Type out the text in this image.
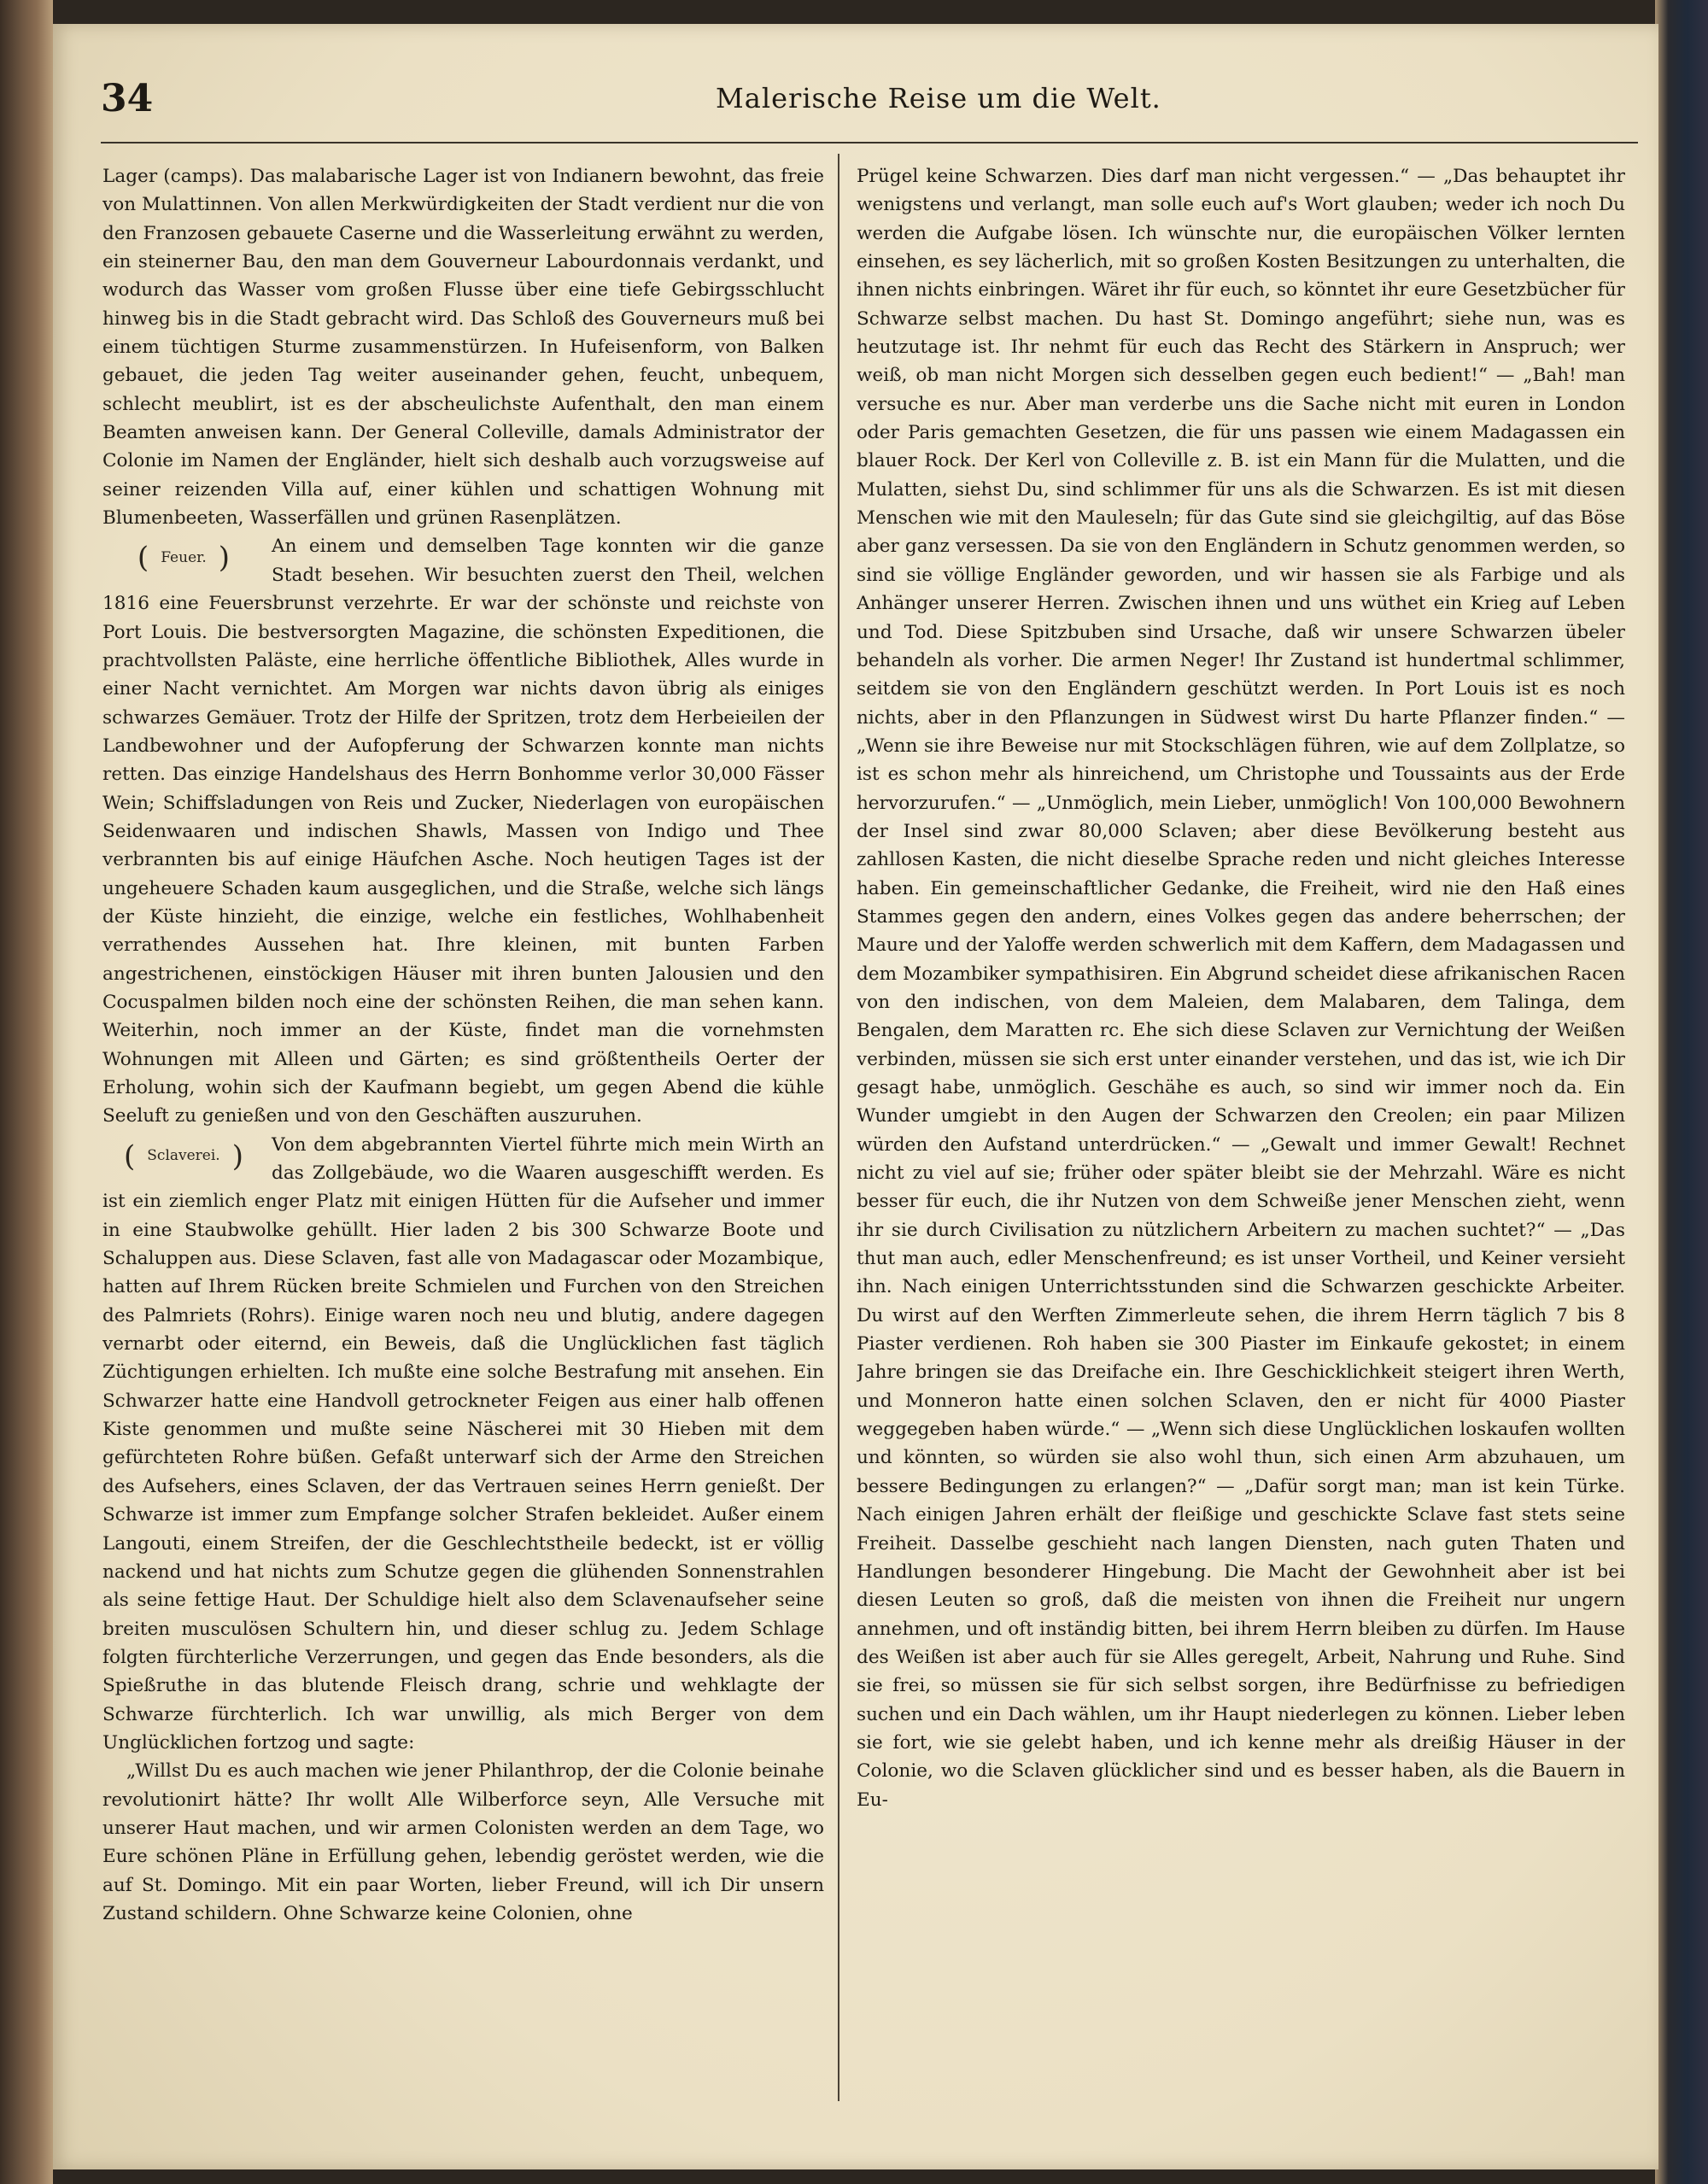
34	Malerische Reise um die Welt.

Lager (camps). Das malabarische Lager ist von Indianern bewohnt, das freie von Mulattinnen. Von allen Merkwürdigkeiten der Stadt verdient nur die von den Franzosen gebauete Caserne und die Wasserleitung erwähnt zu werden, ein steinerner Bau, den man dem Gouverneur Labourdonnais verdankt, und wodurch das Wasser vom großen Flusse über eine tiefe Gebirgsschlucht hinweg bis in die Stadt gebracht wird. Das Schloß des Gouverneurs muß bei einem tüchtigen Sturme zusammenstürzen. In Hufeisenform, von Balken gebauet, die jeden Tag weiter auseinander gehen, feucht, unbequem, schlecht meublirt, ist es der abscheulichste Aufenthalt, den man einem Beamten anweisen kann. Der General Colleville, damals Administrator der Colonie im Namen der Engländer, hielt sich deshalb auch vorzugsweise auf seiner reizenden Villa auf, einer kühlen und schattigen Wohnung mit Blumenbeeten, Wasserfällen und grünen Rasenplätzen.

( Feuer. )	An einem und demselben Tage konnten wir die ganze Stadt besehen. Wir besuchten zuerst den Theil, welchen 1816 eine Feuersbrunst verzehrte. Er war der schönste und reichste von Port Louis. Die bestversorgten Magazine, die schönsten Expeditionen, die prachtvollsten Paläste, eine herrliche öffentliche Bibliothek, Alles wurde in einer Nacht vernichtet. Am Morgen war nichts davon übrig als einiges schwarzes Gemäuer. Trotz der Hilfe der Spritzen, trotz dem Herbeieilen der Landbewohner und der Aufopferung der Schwarzen konnte man nichts retten. Das einzige Handelshaus des Herrn Bonhomme verlor 30,000 Fässer Wein; Schiffsladungen von Reis und Zucker, Niederlagen von europäischen Seidenwaaren und indischen Shawls, Massen von Indigo und Thee verbrannten bis auf einige Häufchen Asche. Noch heutigen Tages ist der ungeheuere Schaden kaum ausgeglichen, und die Straße, welche sich längs der Küste hinzieht, die einzige, welche ein festliches, Wohlhabenheit verrathendes Aussehen hat. Ihre kleinen, mit bunten Farben angestrichenen, einstöckigen Häuser mit ihren bunten Jalousien und den Cocuspalmen bilden noch eine der schönsten Reihen, die man sehen kann. Weiterhin, noch immer an der Küste, findet man die vornehmsten Wohnungen mit Alleen und Gärten; es sind größtentheils Oerter der Erholung, wohin sich der Kaufmann begiebt, um gegen Abend die kühle Seeluft zu genießen und von den Geschäften auszuruhen.

( Sclaverei. )	Von dem abgebrannten Viertel führte mich mein Wirth an das Zollgebäude, wo die Waaren ausgeschifft werden. Es ist ein ziemlich enger Platz mit einigen Hütten für die Aufseher und immer in eine Staubwolke gehüllt. Hier laden 2 bis 300 Schwarze Boote und Schaluppen aus. Diese Sclaven, fast alle von Madagascar oder Mozambique, hatten auf Ihrem Rücken breite Schmielen und Furchen von den Streichen des Palmriets (Rohrs). Einige waren noch neu und blutig, andere dagegen vernarbt oder eiternd, ein Beweis, daß die Unglücklichen fast täglich Züchtigungen erhielten. Ich mußte eine solche Bestrafung mit ansehen. Ein Schwarzer hatte eine Handvoll getrockneter Feigen aus einer halb offenen Kiste genommen und mußte seine Näscherei mit 30 Hieben mit dem gefürchteten Rohre büßen. Gefaßt unterwarf sich der Arme den Streichen des Aufsehers, eines Sclaven, der das Vertrauen seines Herrn genießt. Der Schwarze ist immer zum Empfange solcher Strafen bekleidet. Außer einem Langouti, einem Streifen, der die Geschlechtstheile bedeckt, ist er völlig nackend und hat nichts zum Schutze gegen die glühenden Sonnenstrahlen als seine fettige Haut. Der Schuldige hielt also dem Sclavenaufseher seine breiten musculösen Schultern hin, und dieser schlug zu. Jedem Schlage folgten fürchterliche Verzerrungen, und gegen das Ende besonders, als die Spießruthe in das blutende Fleisch drang, schrie und wehklagte der Schwarze fürchterlich. Ich war unwillig, als mich Berger von dem Unglücklichen fortzog und sagte:

„Willst Du es auch machen wie jener Philanthrop, der die Colonie beinahe revolutionirt hätte? Ihr wollt Alle Wilberforce seyn, Alle Versuche mit unserer Haut machen, und wir armen Colonisten werden an dem Tage, wo Eure schönen Pläne in Erfüllung gehen, lebendig geröstet werden, wie die auf St. Domingo. Mit ein paar Worten, lieber Freund, will ich Dir unsern Zustand schildern. Ohne Schwarze keine Colonien, ohne

Prügel keine Schwarzen. Dies darf man nicht vergessen.“ — „Das behauptet ihr wenigstens und verlangt, man solle euch auf's Wort glauben; weder ich noch Du werden die Aufgabe lösen. Ich wünschte nur, die europäischen Völker lernten einsehen, es sey lächerlich, mit so großen Kosten Besitzungen zu unterhalten, die ihnen nichts einbringen. Wäret ihr für euch, so könntet ihr eure Gesetzbücher für Schwarze selbst machen. Du hast St. Domingo angeführt; siehe nun, was es heutzutage ist. Ihr nehmt für euch das Recht des Stärkern in Anspruch; wer weiß, ob man nicht Morgen sich desselben gegen euch bedient!“ — „Bah! man versuche es nur. Aber man verderbe uns die Sache nicht mit euren in London oder Paris gemachten Gesetzen, die für uns passen wie einem Madagassen ein blauer Rock. Der Kerl von Colleville z. B. ist ein Mann für die Mulatten, und die Mulatten, siehst Du, sind schlimmer für uns als die Schwarzen. Es ist mit diesen Menschen wie mit den Mauleseln; für das Gute sind sie gleichgiltig, auf das Böse aber ganz versessen. Da sie von den Engländern in Schutz genommen werden, so sind sie völlige Engländer geworden, und wir hassen sie als Farbige und als Anhänger unserer Herren. Zwischen ihnen und uns wüthet ein Krieg auf Leben und Tod. Diese Spitzbuben sind Ursache, daß wir unsere Schwarzen übeler behandeln als vorher. Die armen Neger! Ihr Zustand ist hundertmal schlimmer, seitdem sie von den Engländern geschützt werden. In Port Louis ist es noch nichts, aber in den Pflanzungen in Südwest wirst Du harte Pflanzer finden.“ — „Wenn sie ihre Beweise nur mit Stockschlägen führen, wie auf dem Zollplatze, so ist es schon mehr als hinreichend, um Christophe und Toussaints aus der Erde hervorzurufen.“ — „Unmöglich, mein Lieber, unmöglich! Von 100,000 Bewohnern der Insel sind zwar 80,000 Sclaven; aber diese Bevölkerung besteht aus zahllosen Kasten, die nicht dieselbe Sprache reden und nicht gleiches Interesse haben. Ein gemeinschaftlicher Gedanke, die Freiheit, wird nie den Haß eines Stammes gegen den andern, eines Volkes gegen das andere beherrschen; der Maure und der Yaloffe werden schwerlich mit dem Kaffern, dem Madagassen und dem Mozambiker sympathisiren. Ein Abgrund scheidet diese afrikanischen Racen von den indischen, von dem Maleien, dem Malabaren, dem Talinga, dem Bengalen, dem Maratten rc. Ehe sich diese Sclaven zur Vernichtung der Weißen verbinden, müssen sie sich erst unter einander verstehen, und das ist, wie ich Dir gesagt habe, unmöglich. Geschähe es auch, so sind wir immer noch da. Ein Wunder umgiebt in den Augen der Schwarzen den Creolen; ein paar Milizen würden den Aufstand unterdrücken.“ — „Gewalt und immer Gewalt! Rechnet nicht zu viel auf sie; früher oder später bleibt sie der Mehrzahl. Wäre es nicht besser für euch, die ihr Nutzen von dem Schweiße jener Menschen zieht, wenn ihr sie durch Civilisation zu nützlichern Arbeitern zu machen suchtet?“ — „Das thut man auch, edler Menschenfreund; es ist unser Vortheil, und Keiner versieht ihn. Nach einigen Unterrichtsstunden sind die Schwarzen geschickte Arbeiter. Du wirst auf den Werften Zimmerleute sehen, die ihrem Herrn täglich 7 bis 8 Piaster verdienen. Roh haben sie 300 Piaster im Einkaufe gekostet; in einem Jahre bringen sie das Dreifache ein. Ihre Geschicklichkeit steigert ihren Werth, und Monneron hatte einen solchen Sclaven, den er nicht für 4000 Piaster weggegeben haben würde.“ — „Wenn sich diese Unglücklichen loskaufen wollten und könnten, so würden sie also wohl thun, sich einen Arm abzuhauen, um bessere Bedingungen zu erlangen?“ — „Dafür sorgt man; man ist kein Türke. Nach einigen Jahren erhält der fleißige und geschickte Sclave fast stets seine Freiheit. Dasselbe geschieht nach langen Diensten, nach guten Thaten und Handlungen besonderer Hingebung. Die Macht der Gewohnheit aber ist bei diesen Leuten so groß, daß die meisten von ihnen die Freiheit nur ungern annehmen, und oft inständig bitten, bei ihrem Herrn bleiben zu dürfen. Im Hause des Weißen ist aber auch für sie Alles geregelt, Arbeit, Nahrung und Ruhe. Sind sie frei, so müssen sie für sich selbst sorgen, ihre Bedürfnisse zu befriedigen suchen und ein Dach wählen, um ihr Haupt niederlegen zu können. Lieber leben sie fort, wie sie gelebt haben, und ich kenne mehr als dreißig Häuser in der Colonie, wo die Sclaven glücklicher sind und es besser haben, als die Bauern in Eu-
